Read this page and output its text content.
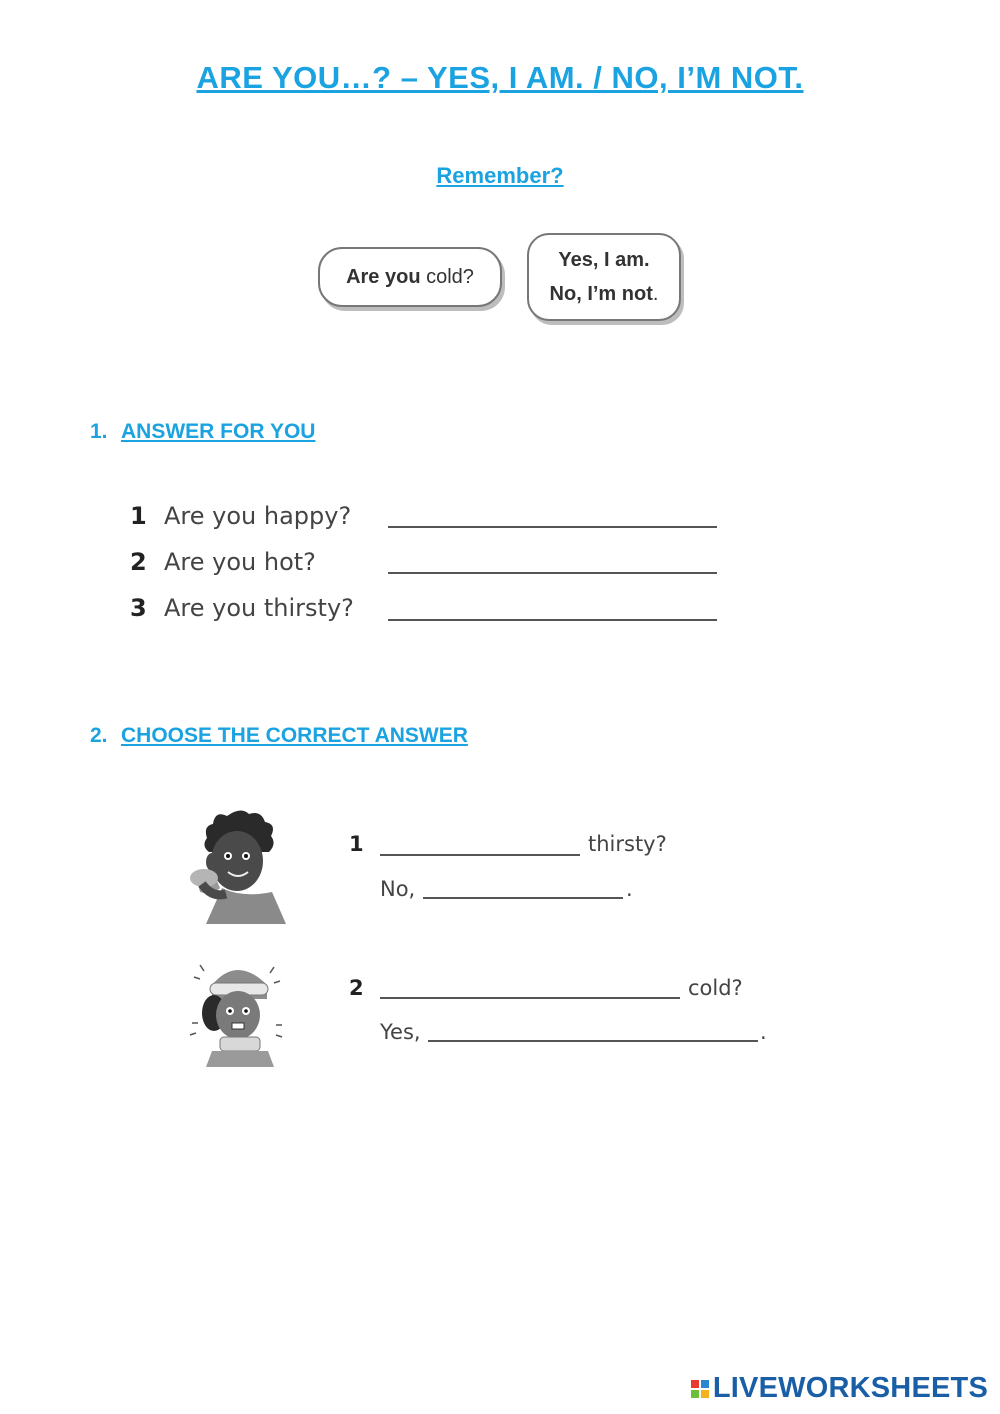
ARE YOU…? – YES, I AM. / NO, I’M NOT.
Remember?
Are you cold?
Yes, I am.
No, I’m not.
1. ANSWER FOR YOU
1 Are you happy?
2 Are you hot?
3 Are you thirsty?
2. CHOOSE THE CORRECT ANSWER
1	thirsty?
No,	.
2	cold?
Yes,	.
LIVEWORKSHEETS
